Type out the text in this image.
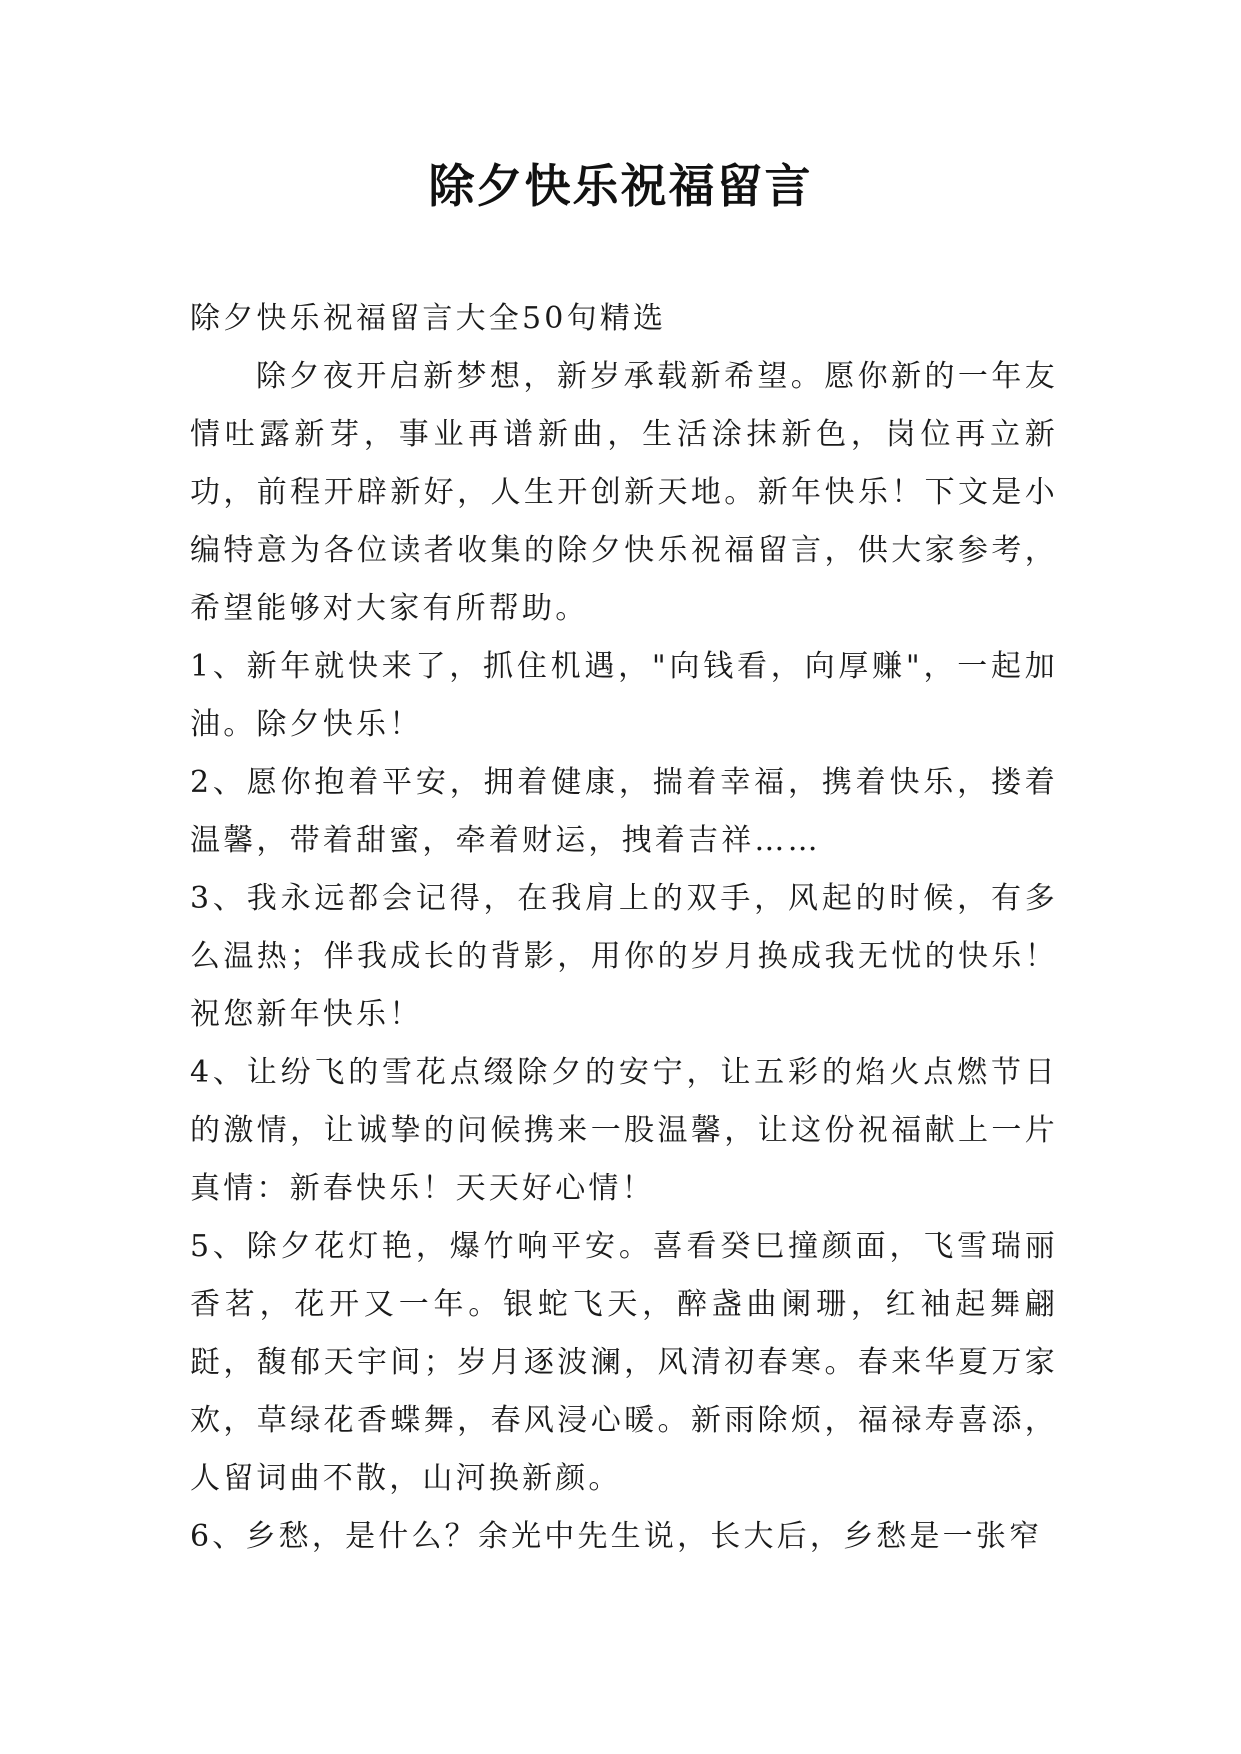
除夕快乐祝福留言

除夕快乐祝福留言大全50句精选

除夕夜开启新梦想，新岁承载新希望。愿你新的一年友情吐露新芽，事业再谱新曲，生活涂抹新色，岗位再立新功，前程开辟新好，人生开创新天地。新年快乐！下文是小编特意为各位读者收集的除夕快乐祝福留言，供大家参考，希望能够对大家有所帮助。

1、新年就快来了，抓住机遇，"向钱看，向厚赚"，一起加油。除夕快乐！

2、愿你抱着平安，拥着健康，揣着幸福，携着快乐，搂着温馨，带着甜蜜，牵着财运，拽着吉祥……

3、我永远都会记得，在我肩上的双手，风起的时候，有多么温热；伴我成长的背影，用你的岁月换成我无忧的快乐！祝您新年快乐！

4、让纷飞的雪花点缀除夕的安宁，让五彩的焰火点燃节日的激情，让诚挚的问候携来一股温馨，让这份祝福献上一片真情：新春快乐！天天好心情！

5、除夕花灯艳，爆竹响平安。喜看癸巳撞颜面，飞雪瑞丽香茗，花开又一年。银蛇飞天，醉盏曲阑珊，红袖起舞翩跹，馥郁天宇间；岁月逐波澜，风清初春寒。春来华夏万家欢，草绿花香蝶舞，春风浸心暖。新雨除烦，福禄寿喜添，人留词曲不散，山河换新颜。

6、乡愁，是什么？余光中先生说，长大后，乡愁是一张窄
